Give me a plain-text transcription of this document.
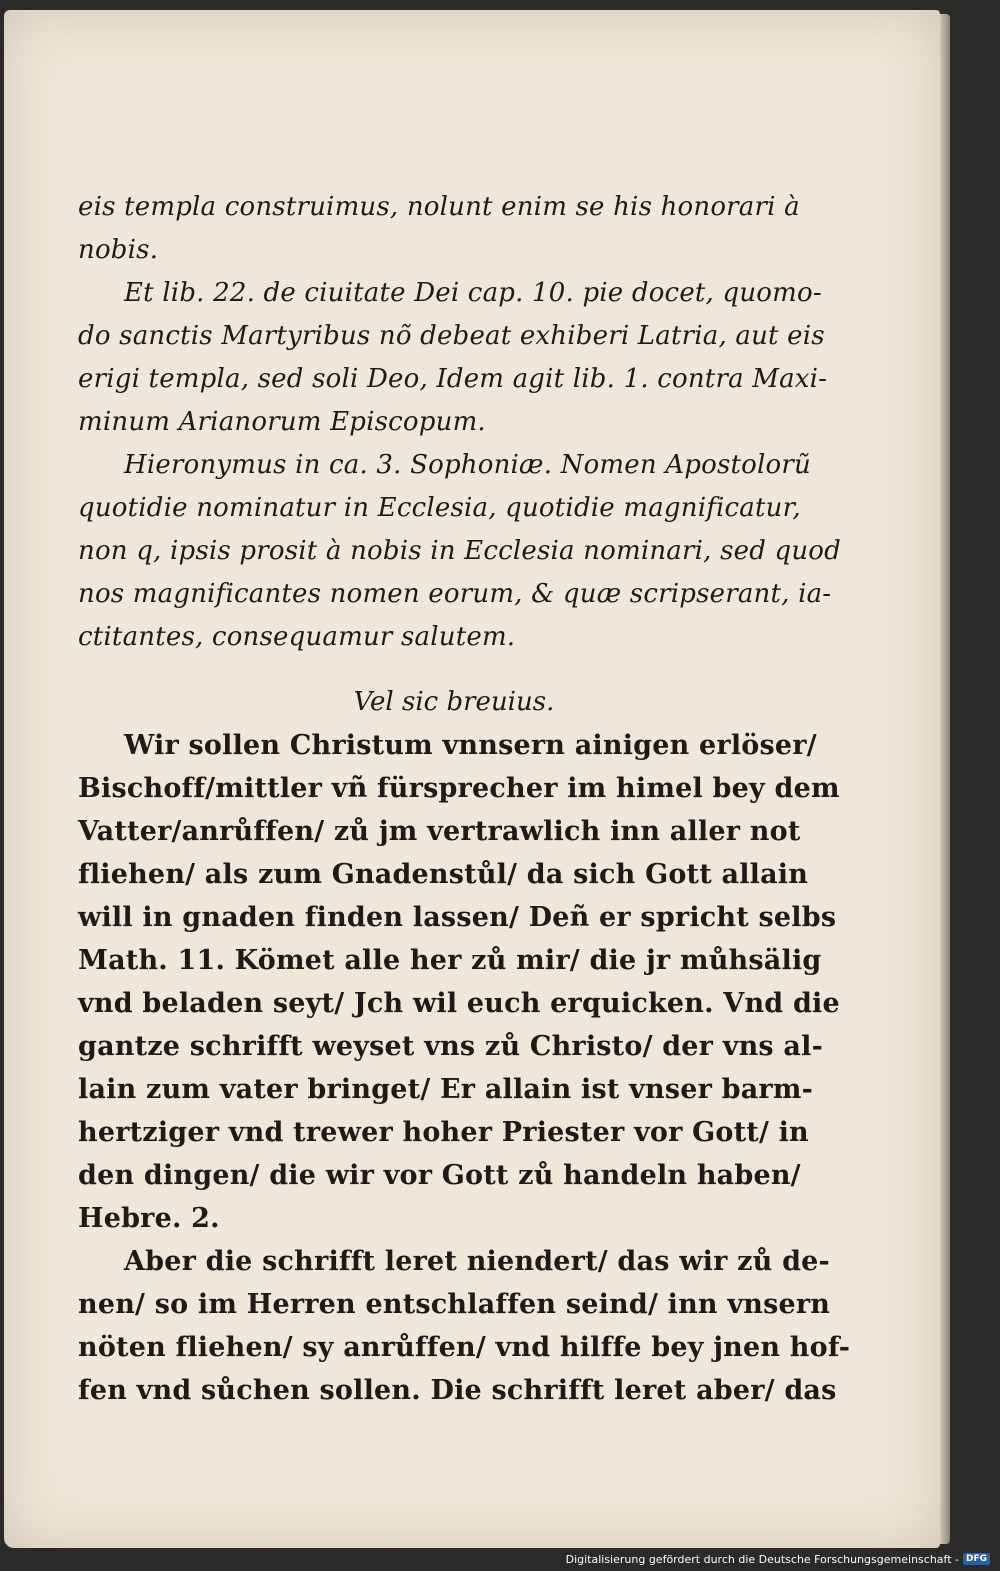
eis templa construimus, nolunt enim se his honorari à
nobis.
Et lib. 22. de ciuitate Dei cap. 10. pie docet, quomo-
do sanctis Martyribus nõ debeat exhiberi Latria, aut eis
erigi templa, sed soli Deo, Idem agit lib. 1. contra Maxi-
minum Arianorum Episcopum.
Hieronymus in ca. 3. Sophoniæ. Nomen Apostolorũ
quotidie nominatur in Ecclesia, quotidie magnificatur,
non q, ipsis prosit à nobis in Ecclesia nominari, sed quod
nos magnificantes nomen eorum, & quæ scripserant, ia-
ctitantes, consequamur salutem.
Vel sic breuius.
Wir sollen Christum vnnsern ainigen erlöser/
Bischoff/mittler vñ fürsprecher im himel bey dem
Vatter/anrůffen/ zů jm vertrawlich inn aller not
fliehen/ als zum Gnadenstůl/ da sich Gott allain
will in gnaden finden lassen/ Deñ er spricht selbs
Math. 11. Kömet alle her zů mir/ die jr můhsälig
vnd beladen seyt/ Jch wil euch erquicken. Vnd die
gantze schrifft weyset vns zů Christo/ der vns al-
lain zum vater bringet/ Er allain ist vnser barm-
hertziger vnd trewer hoher Priester vor Gott/ in
den dingen/ die wir vor Gott zů handeln haben/
Hebre. 2.
Aber die schrifft leret niendert/ das wir zů de-
nen/ so im Herren entschlaffen seind/ inn vnsern
nöten fliehen/ sy anrůffen/ vnd hilffe bey jnen hof-
fen vnd sůchen sollen. Die schrifft leret aber/ das
Digitalisierung gefördert durch die Deutsche Forschungsgemeinschaft - DFG
